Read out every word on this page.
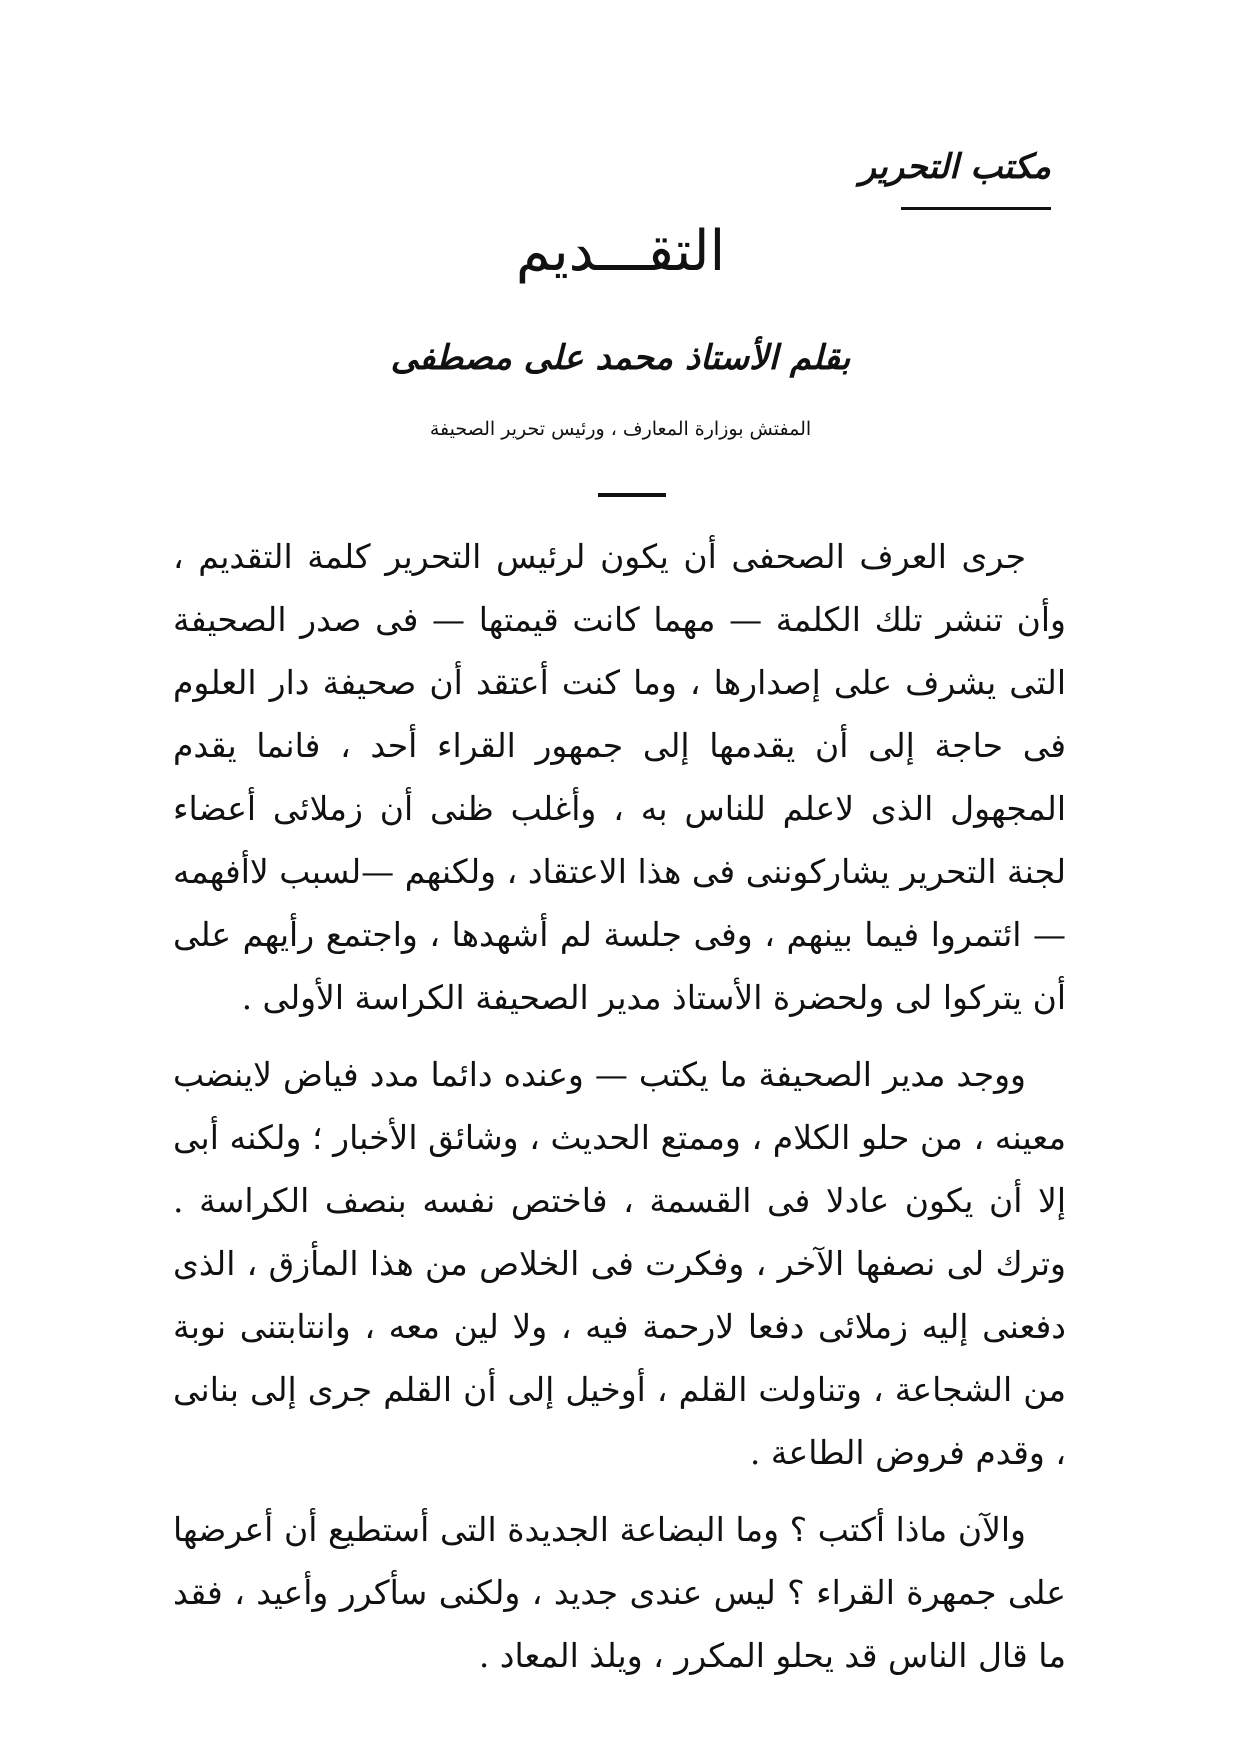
مكتب التحرير
التقـــديم
بقلم الأستاذ محمد على مصطفى
المفتش بوزارة المعارف ، ورئيس تحرير الصحيفة

جرى العرف الصحفى أن يكون لرئيس التحرير كلمة التقديم ، وأن تنشر تلك الكلمة — مهما كانت قيمتها — فى صدر الصحيفة التى يشرف على إصدارها ، وما كنت أعتقد أن صحيفة دار العلوم فى حاجة إلى أن يقدمها إلى جمهور القراء أحد ، فانما يقدم المجهول الذى لاعلم للناس به ، وأغلب ظنى أن زملائى أعضاء لجنة التحرير يشاركوننى فى هذا الاعتقاد ، ولكنهم —لسبب لاأفهمه — ائتمروا فيما بينهم ، وفى جلسة لم أشهدها ، واجتمع رأيهم على أن يتركوا لى ولحضرة الأستاذ مدير الصحيفة الكراسة الأولى .

ووجد مدير الصحيفة ما يكتب — وعنده دائما مدد فياض لاينضب معينه ، من حلو الكلام ، وممتع الحديث ، وشائق الأخبار ؛ ولكنه أبى إلا أن يكون عادلا فى القسمة ، فاختص نفسه بنصف الكراسة . وترك لى نصفها الآخر ، وفكرت فى الخلاص من هذا المأزق ، الذى دفعنى إليه زملائى دفعا لارحمة فيه ، ولا لين معه ، وانتابتنى نوبة من الشجاعة ، وتناولت القلم ، أوخيل إلى أن القلم جرى إلى بنانى ، وقدم فروض الطاعة .

والآن ماذا أكتب ؟ وما البضاعة الجديدة التى أستطيع أن أعرضها على جمهرة القراء ؟ ليس عندى جديد ، ولكنى سأكرر وأعيد ، فقد ما قال الناس قد يحلو المكرر ، ويلذ المعاد .
